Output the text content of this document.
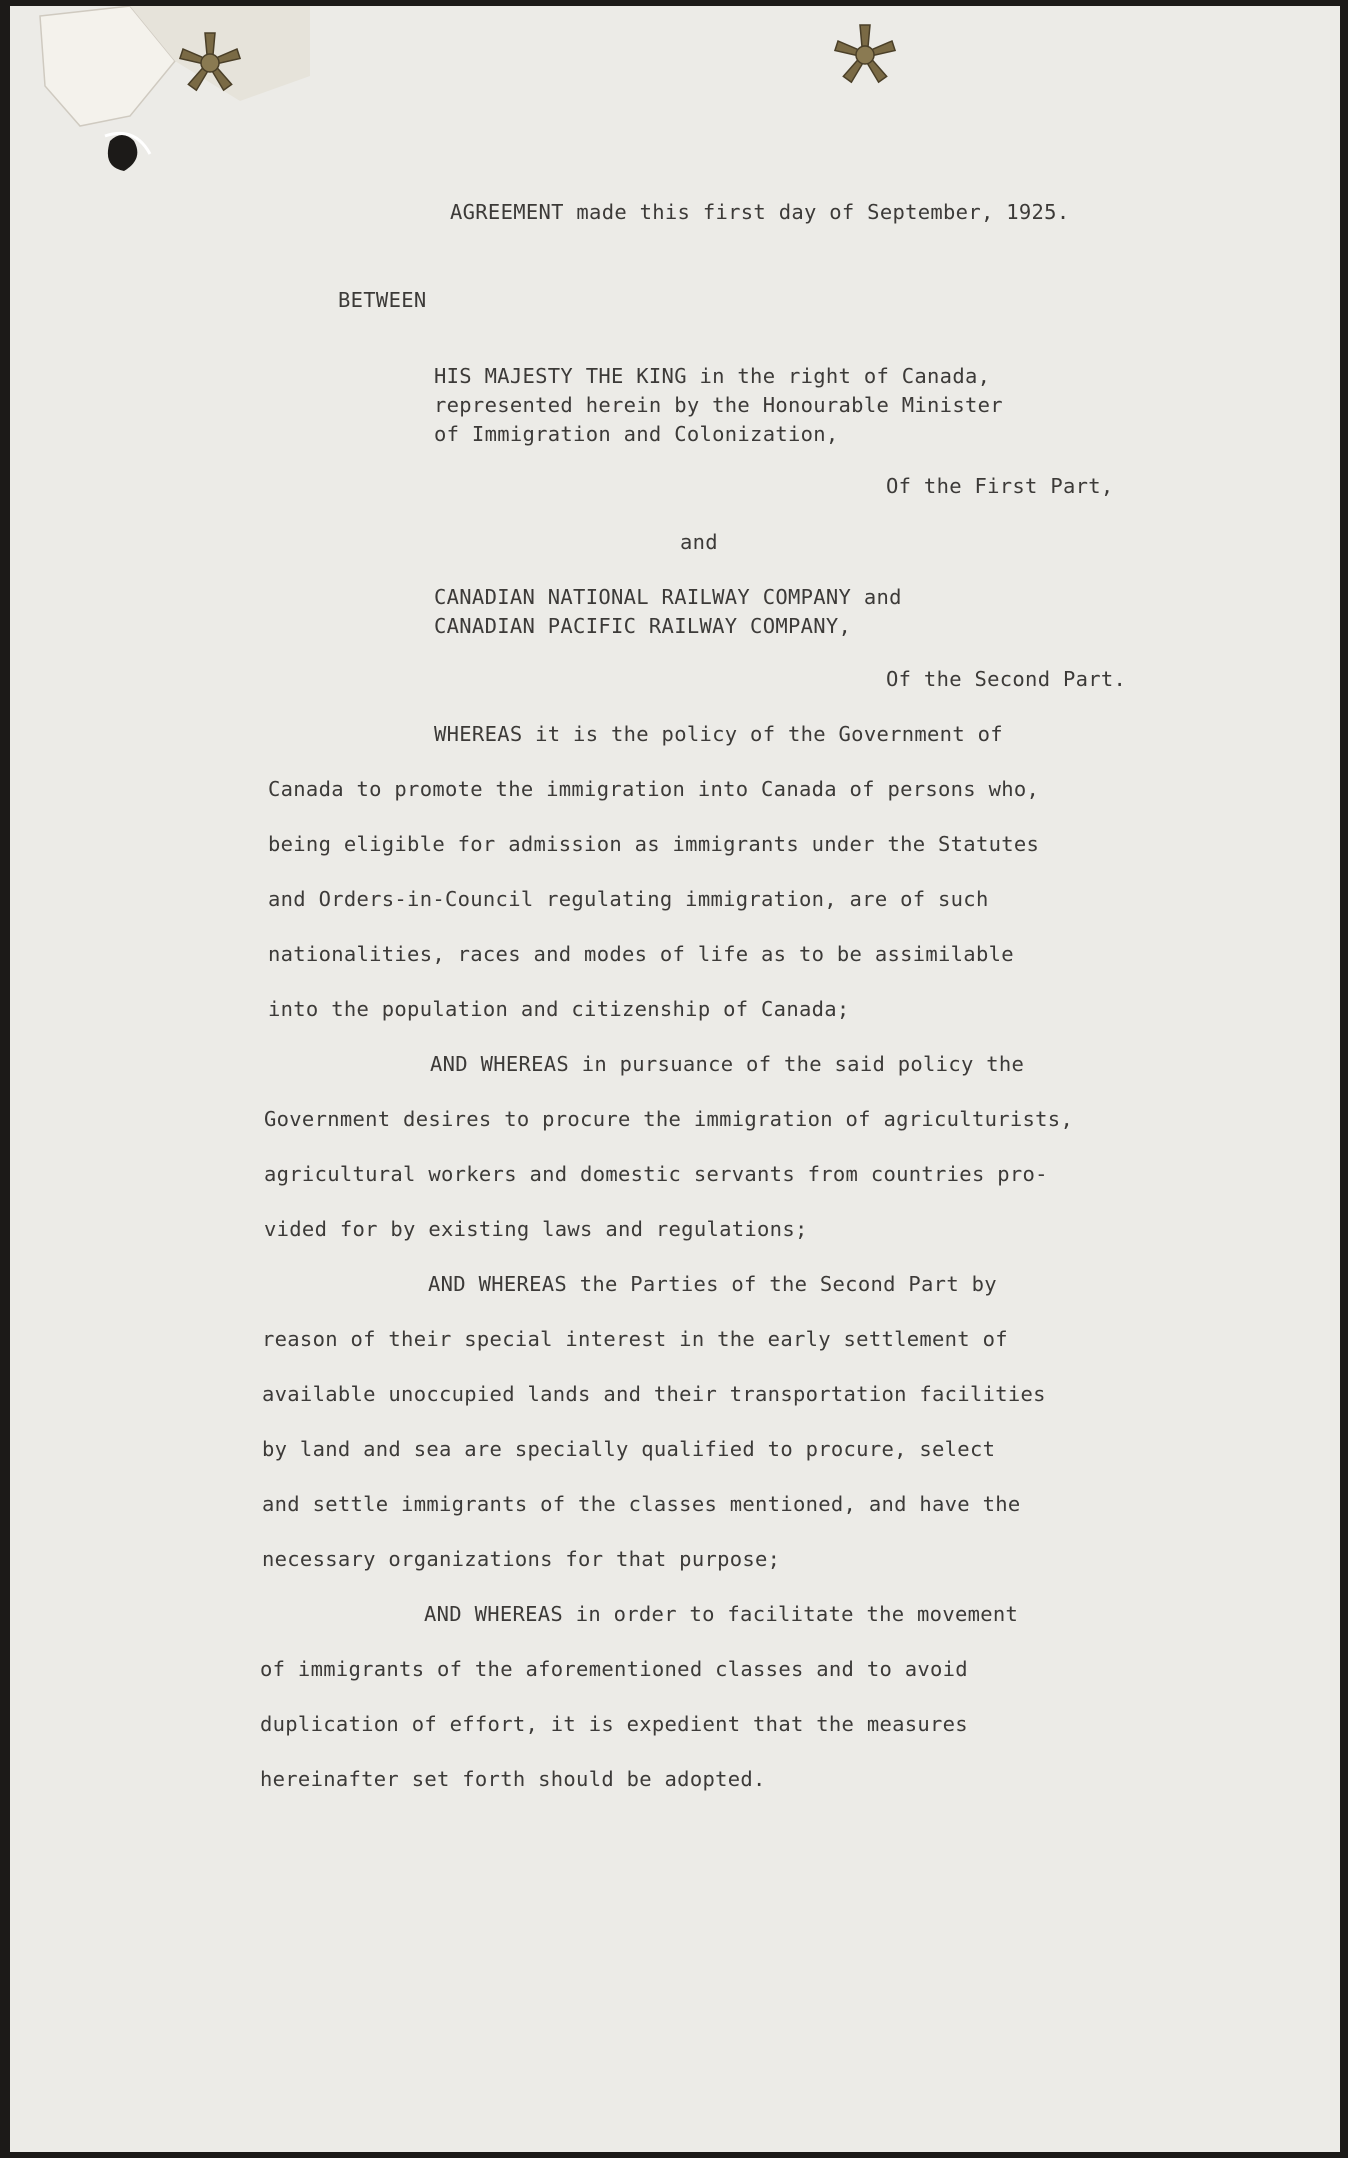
AGREEMENT made this first day of September, 1925.
BETWEEN
HIS MAJESTY THE KING in the right of Canada,
represented herein by the Honourable Minister
of Immigration and Colonization,
Of the First Part,
and
CANADIAN NATIONAL RAILWAY COMPANY and
CANADIAN PACIFIC RAILWAY COMPANY,
Of the Second Part.
WHEREAS it is the policy of the Government of
Canada to promote the immigration into Canada of persons who,
being eligible for admission as immigrants under the Statutes
and Orders-in-Council regulating immigration, are of such
nationalities, races and modes of life as to be assimilable
into the population and citizenship of Canada;
AND WHEREAS in pursuance of the said policy the
Government desires to procure the immigration of agriculturists,
agricultural workers and domestic servants from countries pro-
vided for by existing laws and regulations;
AND WHEREAS the Parties of the Second Part by
reason of their special interest in the early settlement of
available unoccupied lands and their transportation facilities
by land and sea are specially qualified to procure, select
and settle immigrants of the classes mentioned, and have the
necessary organizations for that purpose;
AND WHEREAS in order to facilitate the movement
of immigrants of the aforementioned classes and to avoid
duplication of effort, it is expedient that the measures
hereinafter set forth should be adopted.
